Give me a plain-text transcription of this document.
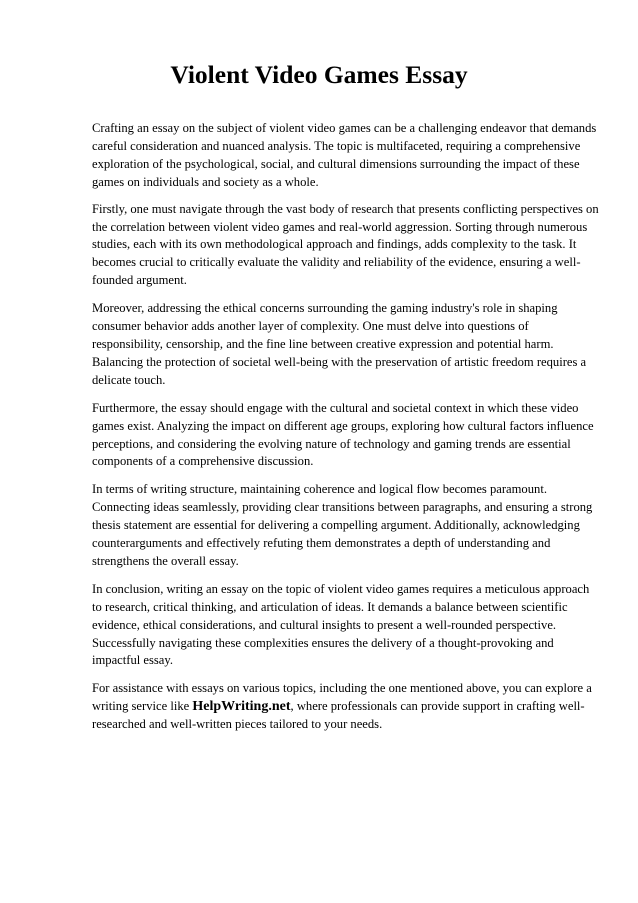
Violent Video Games Essay

Crafting an essay on the subject of violent video games can be a challenging endeavor that demands careful consideration and nuanced analysis. The topic is multifaceted, requiring a comprehensive exploration of the psychological, social, and cultural dimensions surrounding the impact of these games on individuals and society as a whole.

Firstly, one must navigate through the vast body of research that presents conflicting perspectives on the correlation between violent video games and real-world aggression. Sorting through numerous studies, each with its own methodological approach and findings, adds complexity to the task. It becomes crucial to critically evaluate the validity and reliability of the evidence, ensuring a well-founded argument.

Moreover, addressing the ethical concerns surrounding the gaming industry's role in shaping consumer behavior adds another layer of complexity. One must delve into questions of responsibility, censorship, and the fine line between creative expression and potential harm. Balancing the protection of societal well-being with the preservation of artistic freedom requires a delicate touch.

Furthermore, the essay should engage with the cultural and societal context in which these video games exist. Analyzing the impact on different age groups, exploring how cultural factors influence perceptions, and considering the evolving nature of technology and gaming trends are essential components of a comprehensive discussion.

In terms of writing structure, maintaining coherence and logical flow becomes paramount. Connecting ideas seamlessly, providing clear transitions between paragraphs, and ensuring a strong thesis statement are essential for delivering a compelling argument. Additionally, acknowledging counterarguments and effectively refuting them demonstrates a depth of understanding and strengthens the overall essay.

In conclusion, writing an essay on the topic of violent video games requires a meticulous approach to research, critical thinking, and articulation of ideas. It demands a balance between scientific evidence, ethical considerations, and cultural insights to present a well-rounded perspective. Successfully navigating these complexities ensures the delivery of a thought-provoking and impactful essay.

For assistance with essays on various topics, including the one mentioned above, you can explore a writing service like HelpWriting.net, where professionals can provide support in crafting well-researched and well-written pieces tailored to your needs.
